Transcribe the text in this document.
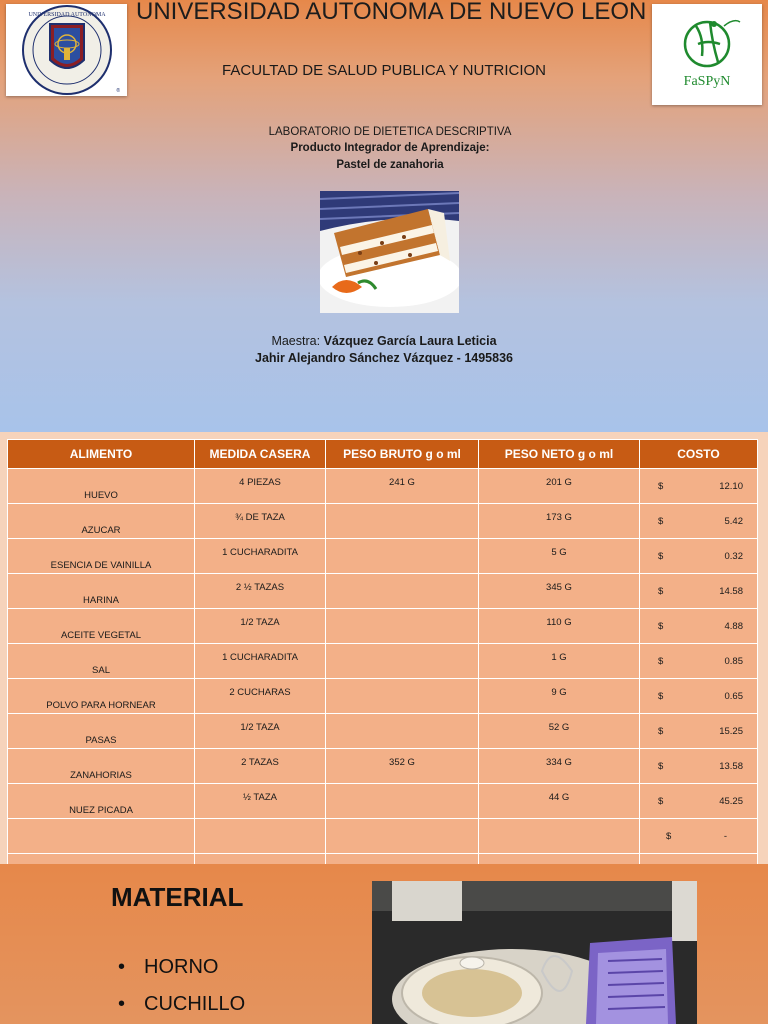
UNIVERSIDAD AUTONOMA
®
UNIVERSIDAD AUTONOMA DE NUEVO LEON
FaSPyN
FACULTAD DE SALUD PUBLICA Y NUTRICION
LABORATORIO DE DIETETICA DESCRIPTIVA
Producto Integrador de Aprendizaje:
Pastel de zanahoria
Maestra: Vázquez García Laura Leticia
Jahir Alejandro Sánchez Vázquez - 1495836
ALIMENTO	MEDIDA CASERA	PESO BRUTO g o ml	PESO NETO g o ml	COSTO
HUEVO	4 PIEZAS	241 G	201 G	$ 12.10

AZUCAR	¾ DE TAZA		173 G	$ 5.42

ESENCIA DE VAINILLA	1 CUCHARADITA		5 G	$ 0.32

HARINA	2 ½ TAZAS		345 G	$ 14.58

ACEITE VEGETAL	1/2 TAZA		110 G	$ 4.88

SAL	1 CUCHARADITA		1 G	$ 0.85

POLVO PARA HORNEAR	2 CUCHARAS		9 G	$ 0.65

PASAS	1/2 TAZA		52 G	$ 15.25

ZANAHORIAS	2 TAZAS	352 G	334 G	$ 13.58

NUEZ PICADA	½ TAZA		44 G	$ 45.25

				$ -

MATERIAL
• HORNO
• CUCHILLO
